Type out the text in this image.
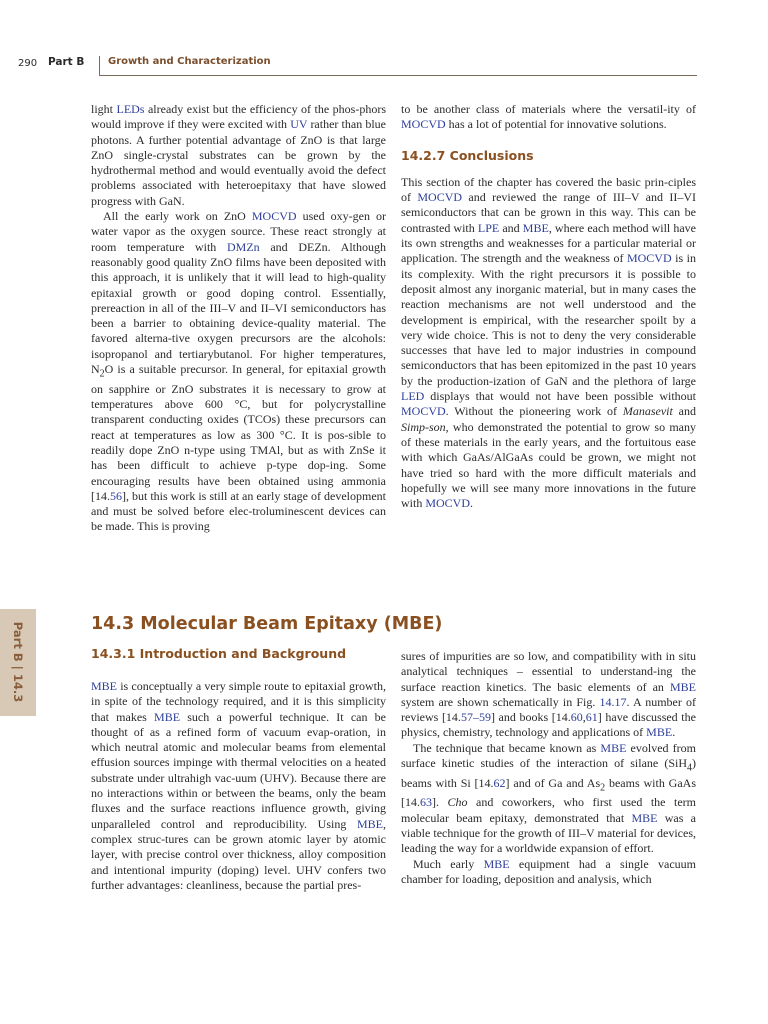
290 Part B Growth and Characterization
Part B | 14.3

light LEDs already exist but the efficiency of the phos-phors would improve if they were excited with UV rather than blue photons. A further potential advantage of ZnO is that large ZnO single-crystal substrates can be grown by the hydrothermal method and would eventually avoid the defect problems associated with heteroepitaxy that have slowed progress with GaN.

All the early work on ZnO MOCVD used oxy-gen or water vapor as the oxygen source. These react strongly at room temperature with DMZn and DEZn. Although reasonably good quality ZnO films have been deposited with this approach, it is unlikely that it will lead to high-quality epitaxial growth or good doping control. Essentially, prereaction in all of the III–V and II–VI semiconductors has been a barrier to obtaining device-quality material. The favored alterna-tive oxygen precursors are the alcohols: isopropanol and tertiarybutanol. For higher temperatures, $N_2O$ is a suitable precursor. In general, for epitaxial growth on sapphire or ZnO substrates it is necessary to grow at temperatures above 600 °C, but for polycrystalline transparent conducting oxides (TCOs) these precursors can react at temperatures as low as 300 °C. It is pos-sible to readily dope ZnO n-type using TMAl, but as with ZnSe it has been difficult to achieve p-type dop-ing. Some encouraging results have been obtained using ammonia [14.56], but this work is still at an early stage of development and must be solved before elec-troluminescent devices can be made. This is proving

to be another class of materials where the versatil-ity of MOCVD has a lot of potential for innovative solutions.

14.2.7 Conclusions

This section of the chapter has covered the basic prin-ciples of MOCVD and reviewed the range of III–V and II–VI semiconductors that can be grown in this way. This can be contrasted with LPE and MBE, where each method will have its own strengths and weaknesses for a particular material or application. The strength and the weakness of MOCVD is in its complexity. With the right precursors it is possible to deposit almost any inorganic material, but in many cases the reaction mechanisms are not well understood and the development is empirical, with the researcher spoilt by a very wide choice. This is not to deny the very considerable successes that have led to major industries in compound semiconductors that has been epitomized in the past 10 years by the production-ization of GaN and the plethora of large LED displays that would not have been possible without MOCVD. Without the pioneering work of Manasevit and Simp-son, who demonstrated the potential to grow so many of these materials in the early years, and the fortuitous ease with which GaAs/AlGaAs could be grown, we might not have tried so hard with the more difficult materials and hopefully we will see many more innovations in the future with MOCVD.

14.3 Molecular Beam Epitaxy (MBE)
14.3.1 Introduction and Background

MBE is conceptually a very simple route to epitaxial growth, in spite of the technology required, and it is this simplicity that makes MBE such a powerful technique. It can be thought of as a refined form of vacuum evap-oration, in which neutral atomic and molecular beams from elemental effusion sources impinge with thermal velocities on a heated substrate under ultrahigh vac-uum (UHV). Because there are no interactions within or between the beams, only the beam fluxes and the surface reactions influence growth, giving unparalleled control and reproducibility. Using MBE, complex struc-tures can be grown atomic layer by atomic layer, with precise control over thickness, alloy composition and intentional impurity (doping) level. UHV confers two further advantages: cleanliness, because the partial pres-

sures of impurities are so low, and compatibility with in situ analytical techniques – essential to understand-ing the surface reaction kinetics. The basic elements of an MBE system are shown schematically in Fig. 14.17. A number of reviews [14.57–59] and books [14.60,61] have discussed the physics, chemistry, technology and applications of MBE.

The technique that became known as MBE evolved from surface kinetic studies of the interaction of silane (SiH$_4$) beams with Si [14.62] and of Ga and $As_2$ beams with GaAs [14.63]. Cho and coworkers, who first used the term molecular beam epitaxy, demonstrated that MBE was a viable technique for the growth of III–V material for devices, leading the way for a worldwide expansion of effort.

Much early MBE equipment had a single vacuum chamber for loading, deposition and analysis, which
